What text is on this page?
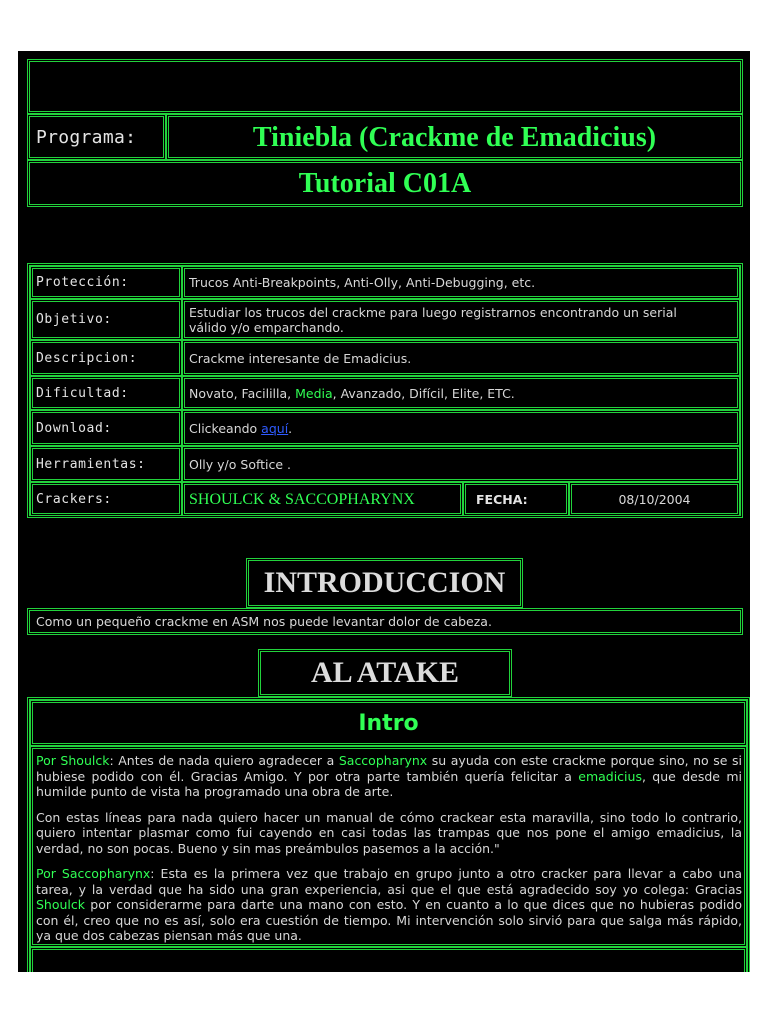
Programa:	Tiniebla (Crackme de Emadicius)
Tutorial C01A
Protección:	Trucos Anti-Breakpoints, Anti-Olly, Anti-Debugging, etc.
Objetivo:	Estudiar los trucos del crackme para luego registrarnos encontrando un serial válido y/o emparchando.
Descripcion:	Crackme interesante de Emadicius.
Dificultad:	Novato, Facililla, Media, Avanzado, Difícil, Elite, ETC.
Download:	Clickeando aquí.
Herramientas:	Olly y/o Softice .
Crackers:	SHOULCK & SACCOPHARYNX	FECHA:	08/10/2004
INTRODUCCION
Como un pequeño crackme en ASM nos puede levantar dolor de cabeza.
AL ATAKE
Intro

Por Shoulck: Antes de nada quiero agradecer a Saccopharynx su ayuda con este crackme porque sino, no se si hubiese podido con él. Gracias Amigo. Y por otra parte también quería felicitar a emadicius, que desde mi humilde punto de vista ha programado una obra de arte.

Con estas líneas para nada quiero hacer un manual de cómo crackear esta maravilla, sino todo lo contrario, quiero intentar plasmar como fui cayendo en casi todas las trampas que nos pone el amigo emadicius, la verdad, no son pocas. Bueno y sin mas preámbulos pasemos a la acción."

Por Saccopharynx: Esta es la primera vez que trabajo en grupo junto a otro cracker para llevar a cabo una tarea, y la verdad que ha sido una gran experiencia, asi que el que está agradecido soy yo colega: Gracias Shoulck por considerarme para darte una mano con esto. Y en cuanto a lo que dices que no hubieras podido con él, creo que no es así, solo era cuestión de tiempo. Mi intervención solo sirvió para que salga más rápido, ya que dos cabezas piensan más que una.
